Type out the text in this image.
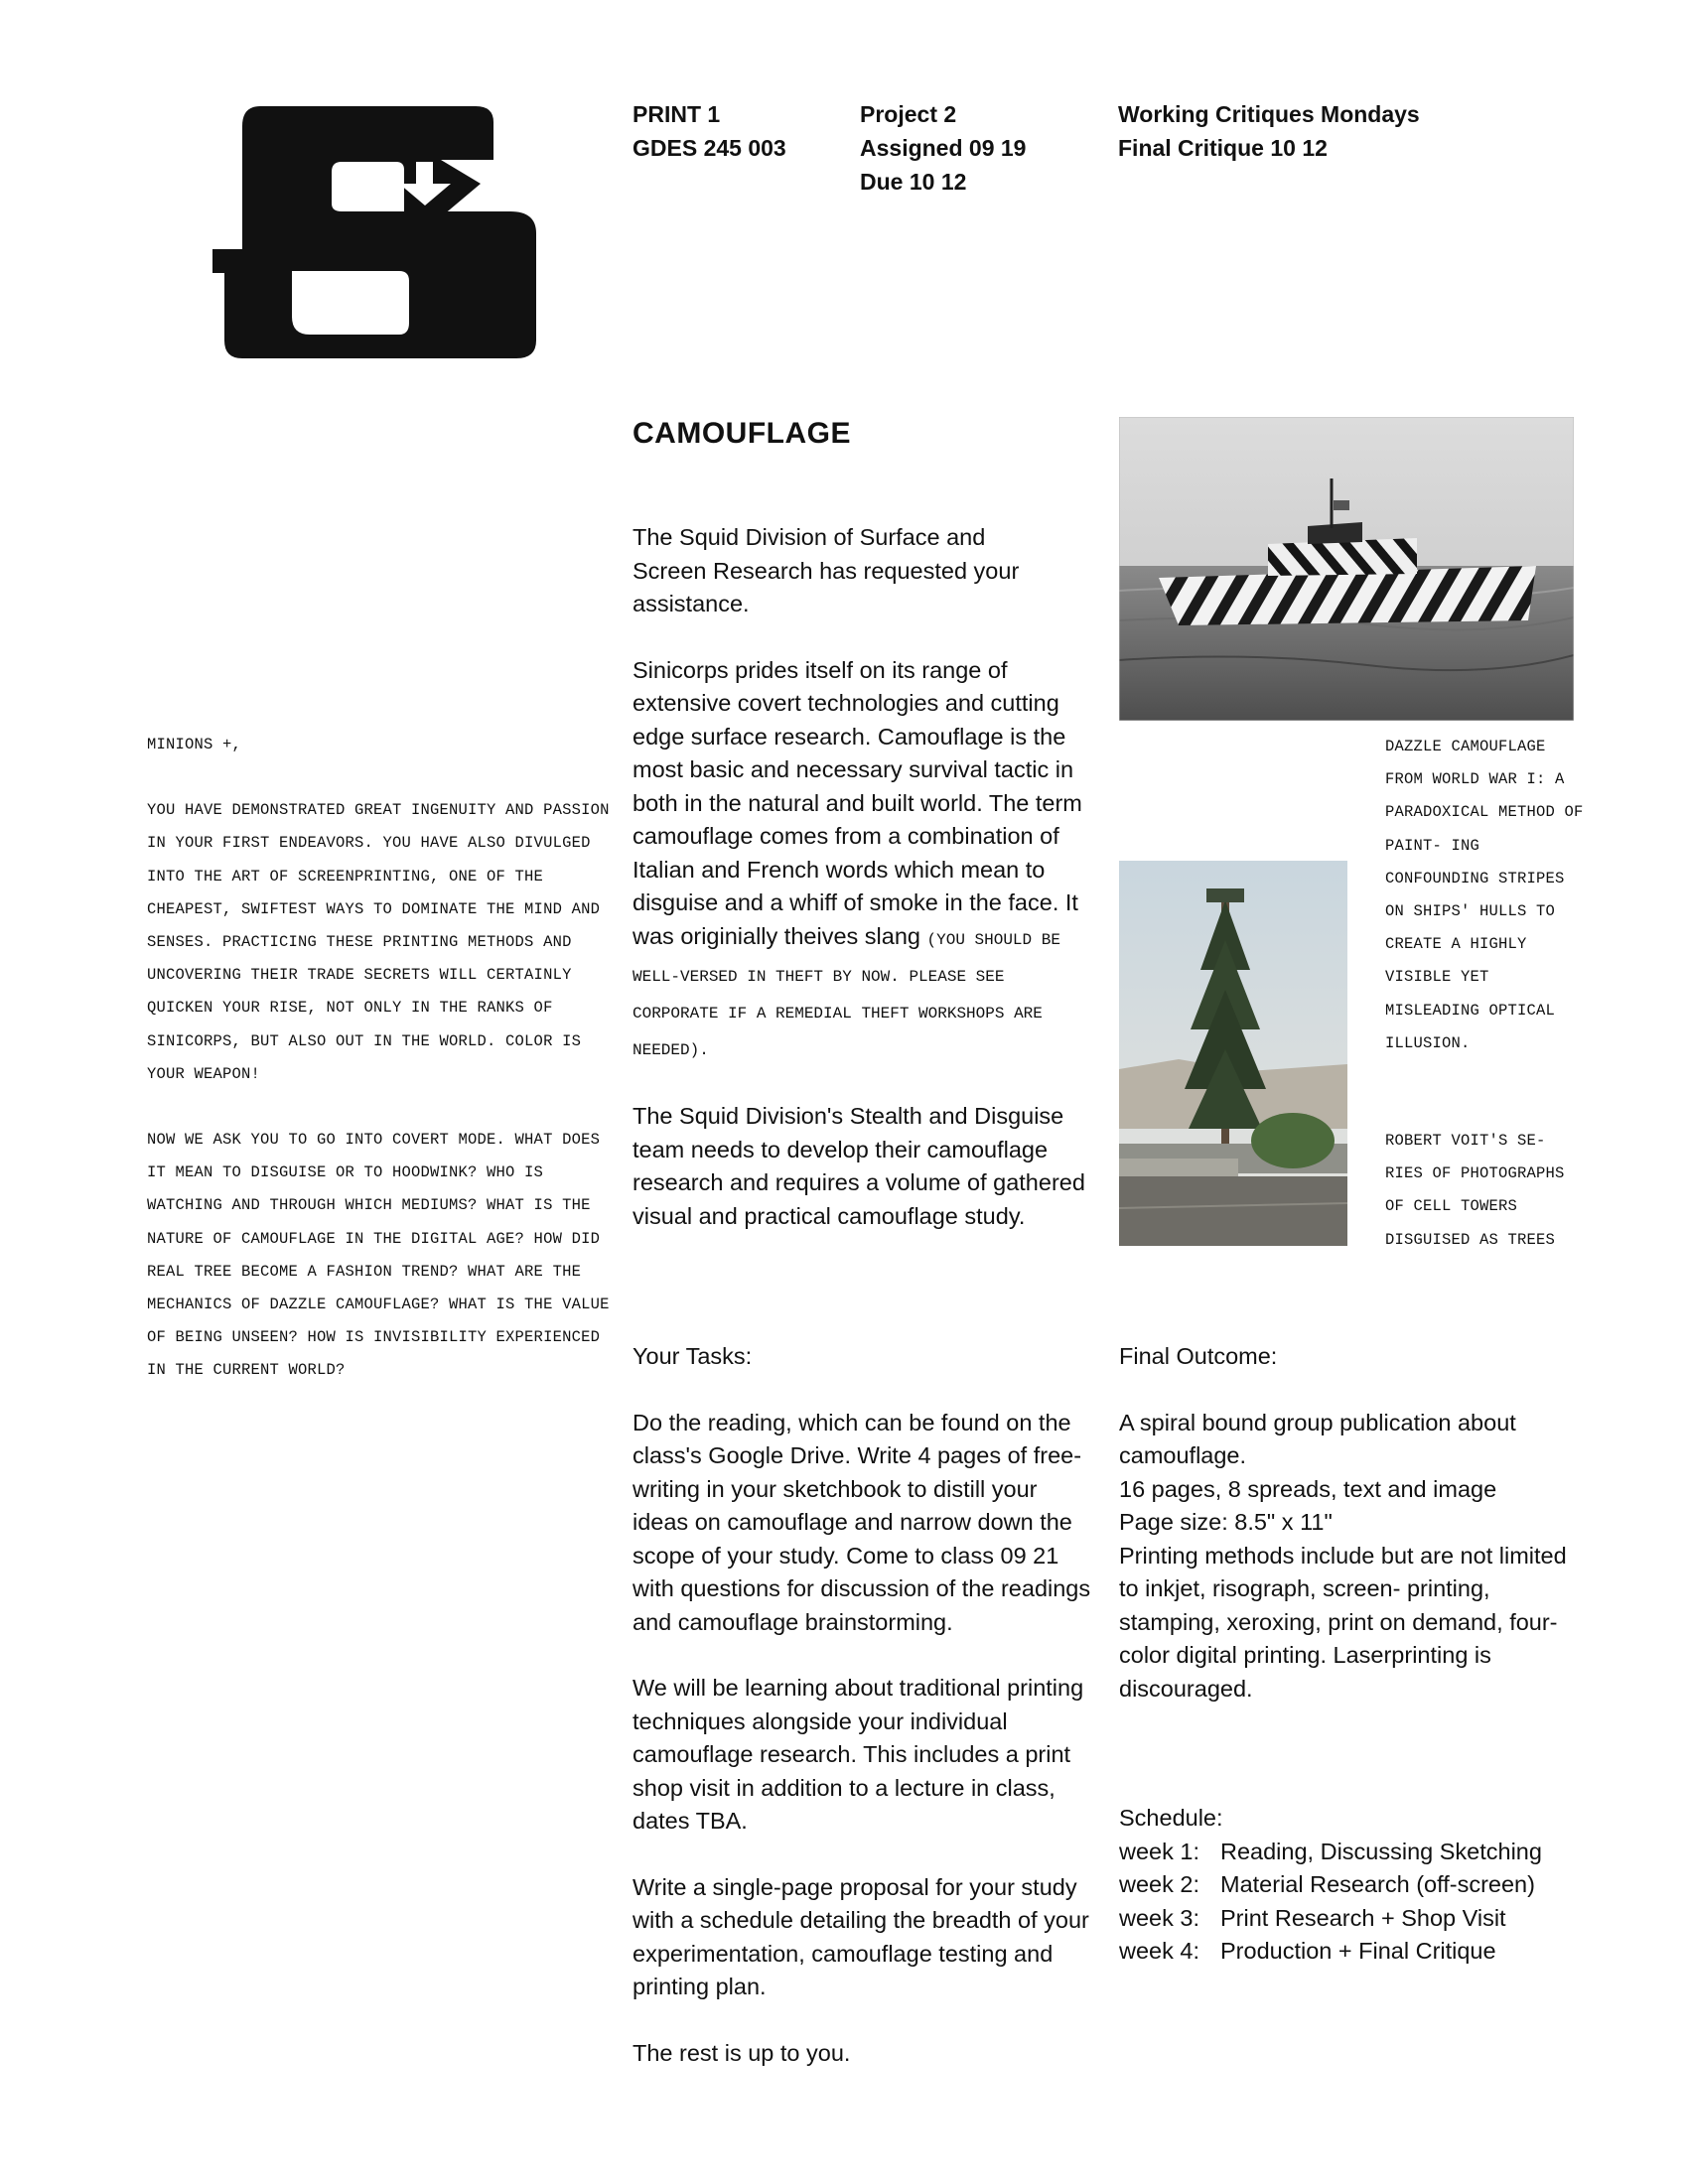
PRINT 1
GDES 245 003
Project 2
Assigned 09 19
Due 10 12
Working Critiques Mondays
Final Critique 10 12
CAMOUFLAGE

MINIONS +,

YOU HAVE DEMONSTRATED GREAT INGENUITY AND PASSION IN YOUR FIRST ENDEAVORS. YOU HAVE ALSO DIVULGED INTO THE ART OF SCREENPRINTING, ONE OF THE CHEAPEST, SWIFTEST WAYS TO DOMINATE THE MIND AND SENSES. PRACTICING THESE PRINTING METHODS AND UNCOVERING THEIR TRADE SECRETS WILL CERTAINLY QUICKEN YOUR RISE, NOT ONLY IN THE RANKS OF SINICORPS, BUT ALSO OUT IN THE WORLD. COLOR IS YOUR WEAPON!

NOW WE ASK YOU TO GO INTO COVERT MODE. WHAT DOES IT MEAN TO DISGUISE OR TO HOODWINK? WHO IS WATCHING AND THROUGH WHICH MEDIUMS? WHAT IS THE NATURE OF CAMOUFLAGE IN THE DIGITAL AGE? HOW DID REAL TREE BECOME A FASHION TREND? WHAT ARE THE MECHANICS OF DAZZLE CAMOUFLAGE? WHAT IS THE VALUE OF BEING UNSEEN? HOW IS INVISIBILITY EXPERIENCED IN THE CURRENT WORLD?

The Squid Division of Surface and Screen Research has requested your assistance.

Sinicorps prides itself on its range of extensive covert technologies and cutting edge surface research. Camouflage is the most basic and necessary survival tactic in both in the natural and built world. The term camouflage comes from a combination of Italian and French words which mean to disguise and a whiff of smoke in the face. It was originially theives slang (YOU SHOULD BE WELL-VERSED IN THEFT BY NOW. PLEASE SEE CORPORATE IF A REMEDIAL THEFT WORKSHOPS ARE NEEDED).

The Squid Division's Stealth and Disguise team needs to develop their camouflage research and requires a volume of gathered visual and practical camouflage study.

Your Tasks:

Do the reading, which can be found on the class's Google Drive. Write 4 pages of free-writing in your sketchbook to distill your ideas on camouflage and narrow down the scope of your study. Come to class 09 21 with questions for discussion of the readings and camouflage brainstorming.

We will be learning about traditional printing techniques alongside your individual camouflage research. This includes a print shop visit in addition to a lecture in class, dates TBA.

Write a single-page proposal for your study with a schedule detailing the breadth of your experimentation, camouflage testing and printing plan.

The rest is up to you.

DAZZLE CAMOUFLAGE FROM WORLD WAR I: A PARADOXICAL METHOD OF PAINT- ING CONFOUNDING STRIPES ON SHIPS' HULLS TO CREATE A HIGHLY VISIBLE YET MISLEADING OPTICAL ILLUSION.
ROBERT VOIT'S SE- RIES OF PHOTOGRAPHS OF CELL TOWERS DISGUISED AS TREES

Final Outcome:

A spiral bound group publication about camouflage.

16 pages, 8 spreads, text and image

Page size: 8.5" x 11"

Printing methods include but are not limited to inkjet, risograph, screen- printing, stamping, xeroxing, print on demand, four-color digital printing. Laserprinting is discouraged.

Schedule:

week 1: Reading, Discussing Sketching
week 2: Material Research (off-screen)
week 3: Print Research + Shop Visit
week 4: Production + Final Critique
